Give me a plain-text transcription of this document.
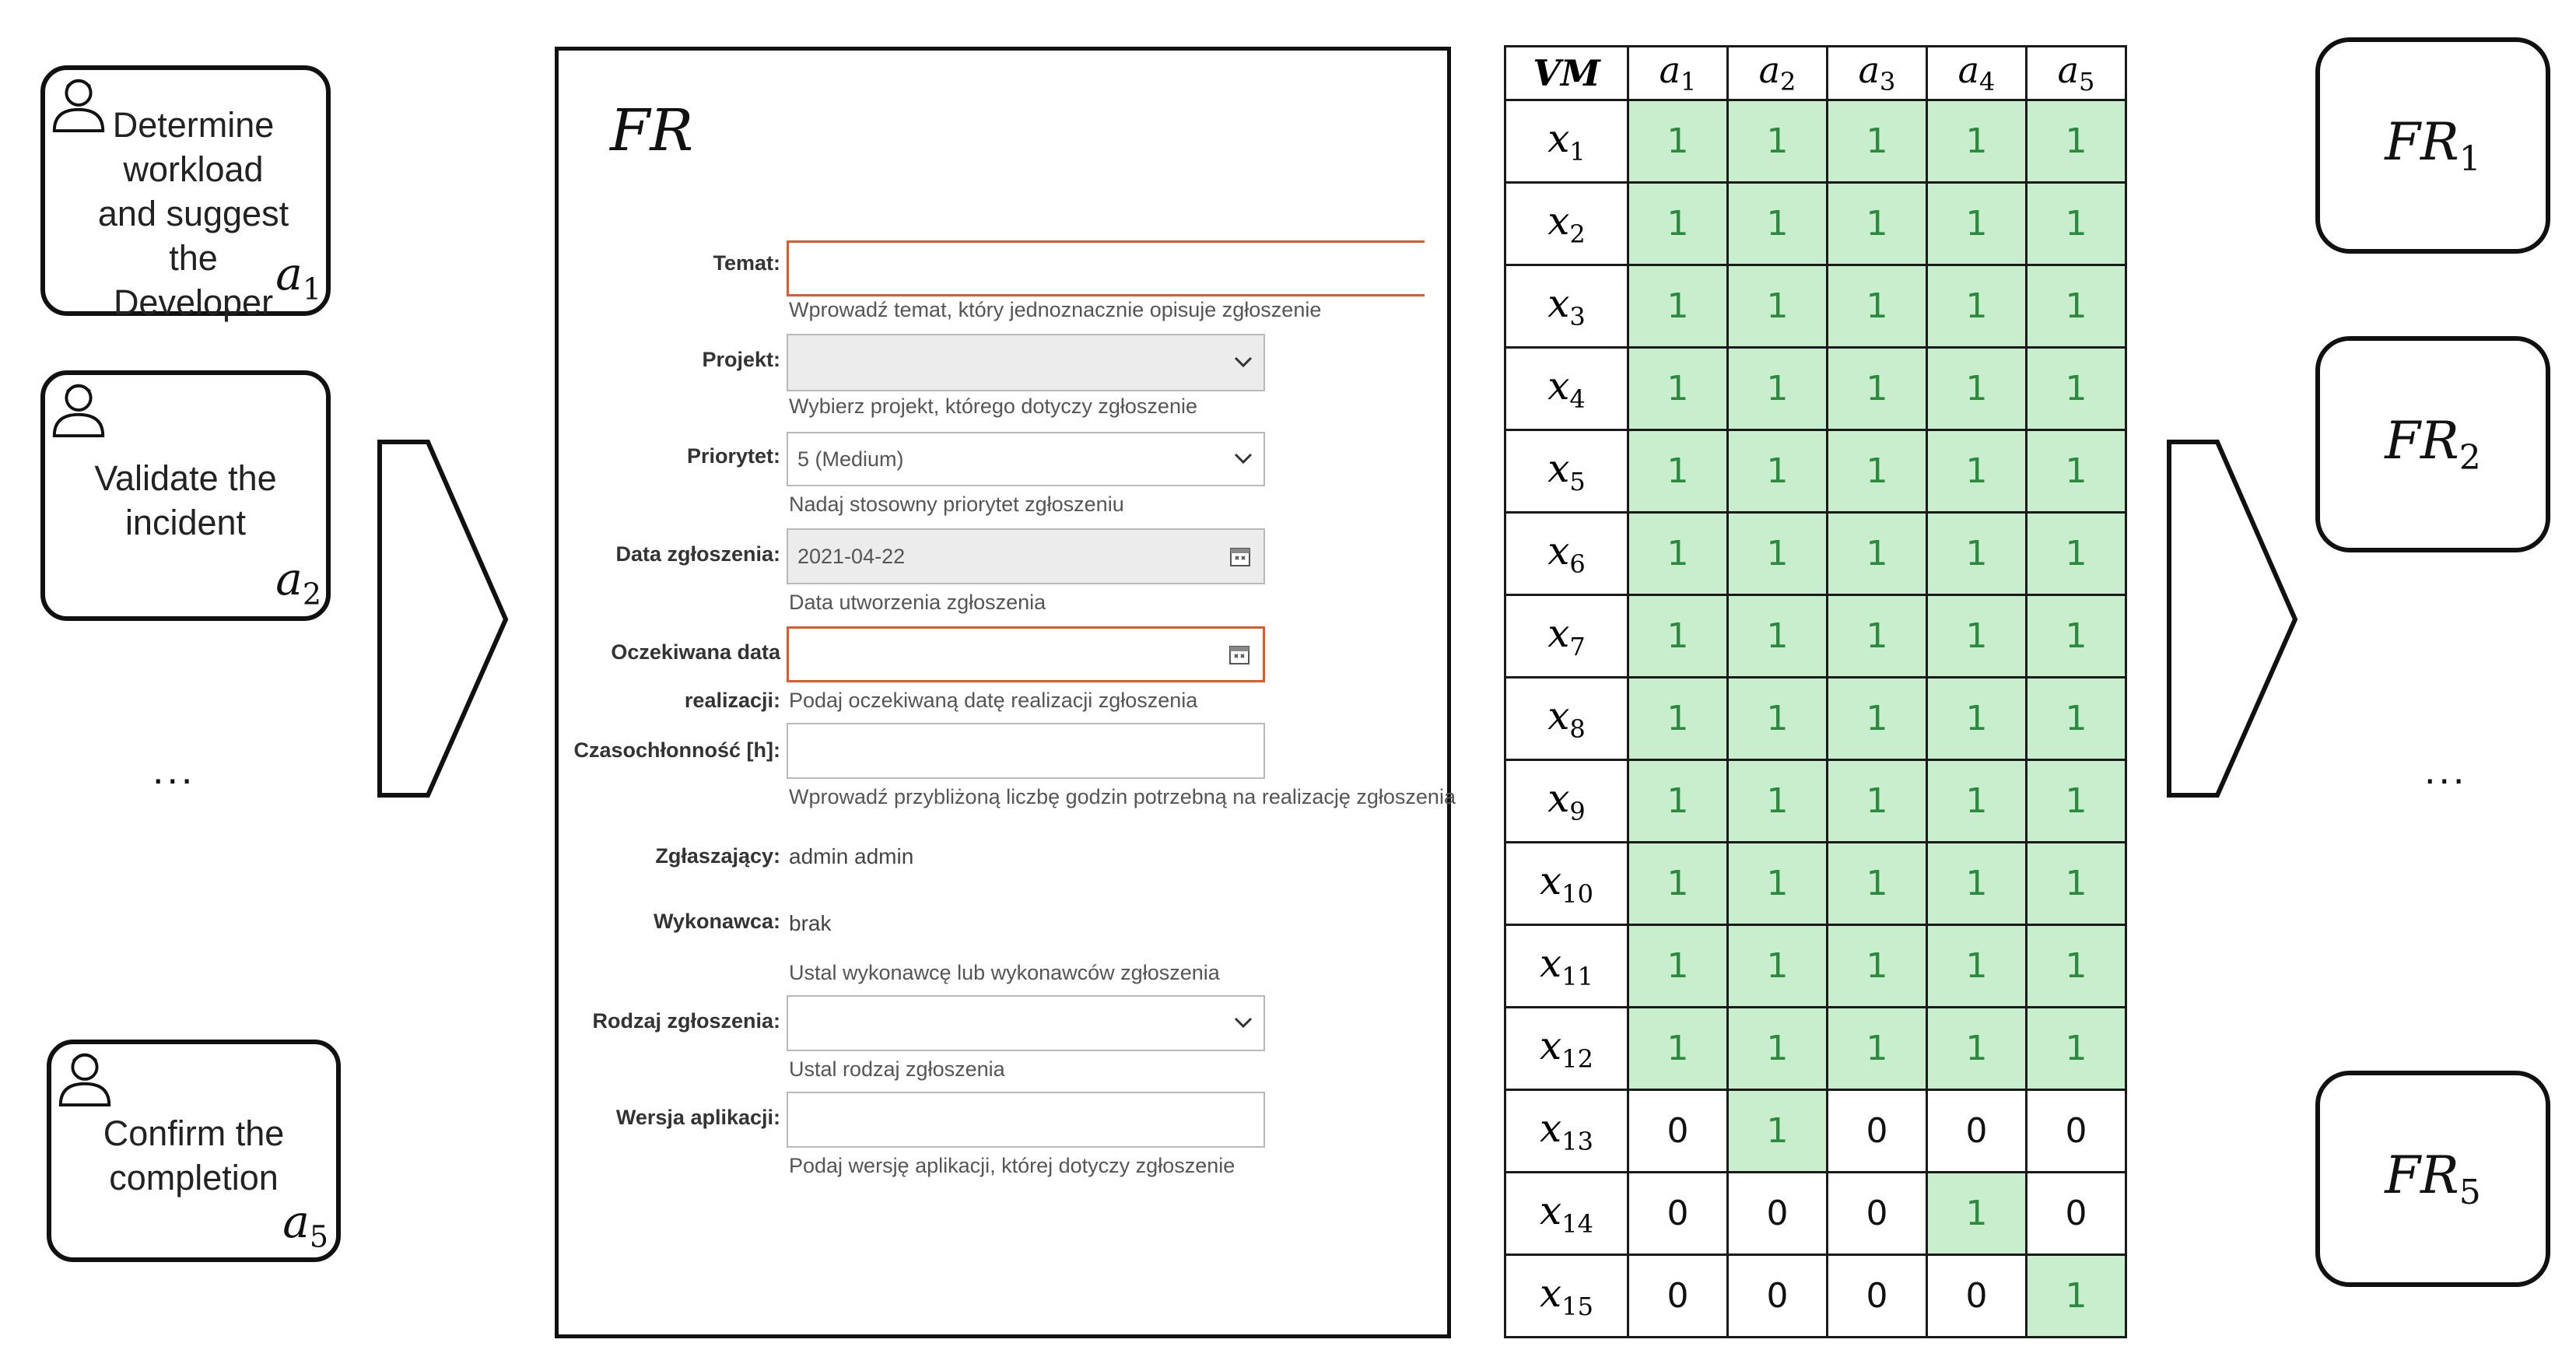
Determine workload and suggest the Developer
$a_1$
Validate the incident
$a_2$
...
Confirm the completion
$a_5$
FR
Temat:
Wprowadź temat, który jednoznacznie opisuje zgłoszenie
Projekt:
Wybierz projekt, którego dotyczy zgłoszenie
Priorytet: 5 (Medium)
Nadaj stosowny priorytet zgłoszeniu
Data zgłoszenia: 2021-04-22
Data utworzenia zgłoszenia
Oczekiwana data
realizacji: Podaj oczekiwaną datę realizacji zgłoszenia
Czasochłonność [h]:
Wprowadź przybliżoną liczbę godzin potrzebną na realizację zgłoszenia
Zgłaszający: admin admin
Wykonawca: brak
Ustal wykonawcę lub wykonawców zgłoszenia
Rodzaj zgłoszenia:
Ustal rodzaj zgłoszenia
Wersja aplikacji:
Podaj wersję aplikacji, której dotyczy zgłoszenie
VM	$a_1$	$a_2$	$a_3$	$a_4$	$a_5$
$x_1$	1	1	1	1	1
$x_2$	1	1	1	1	1
$x_3$	1	1	1	1	1
$x_4$	1	1	1	1	1
$x_5$	1	1	1	1	1
$x_6$	1	1	1	1	1
$x_7$	1	1	1	1	1
$x_8$	1	1	1	1	1
$x_9$	1	1	1	1	1
$x_{10}$	1	1	1	1	1
$x_{11}$	1	1	1	1	1
$x_{12}$	1	1	1	1	1
$x_{13}$	0	1	0	0	0
$x_{14}$	0	0	0	1	0
$x_{15}$	0	0	0	0	1
$FR_1$
$FR_2$
...
$FR_5$
